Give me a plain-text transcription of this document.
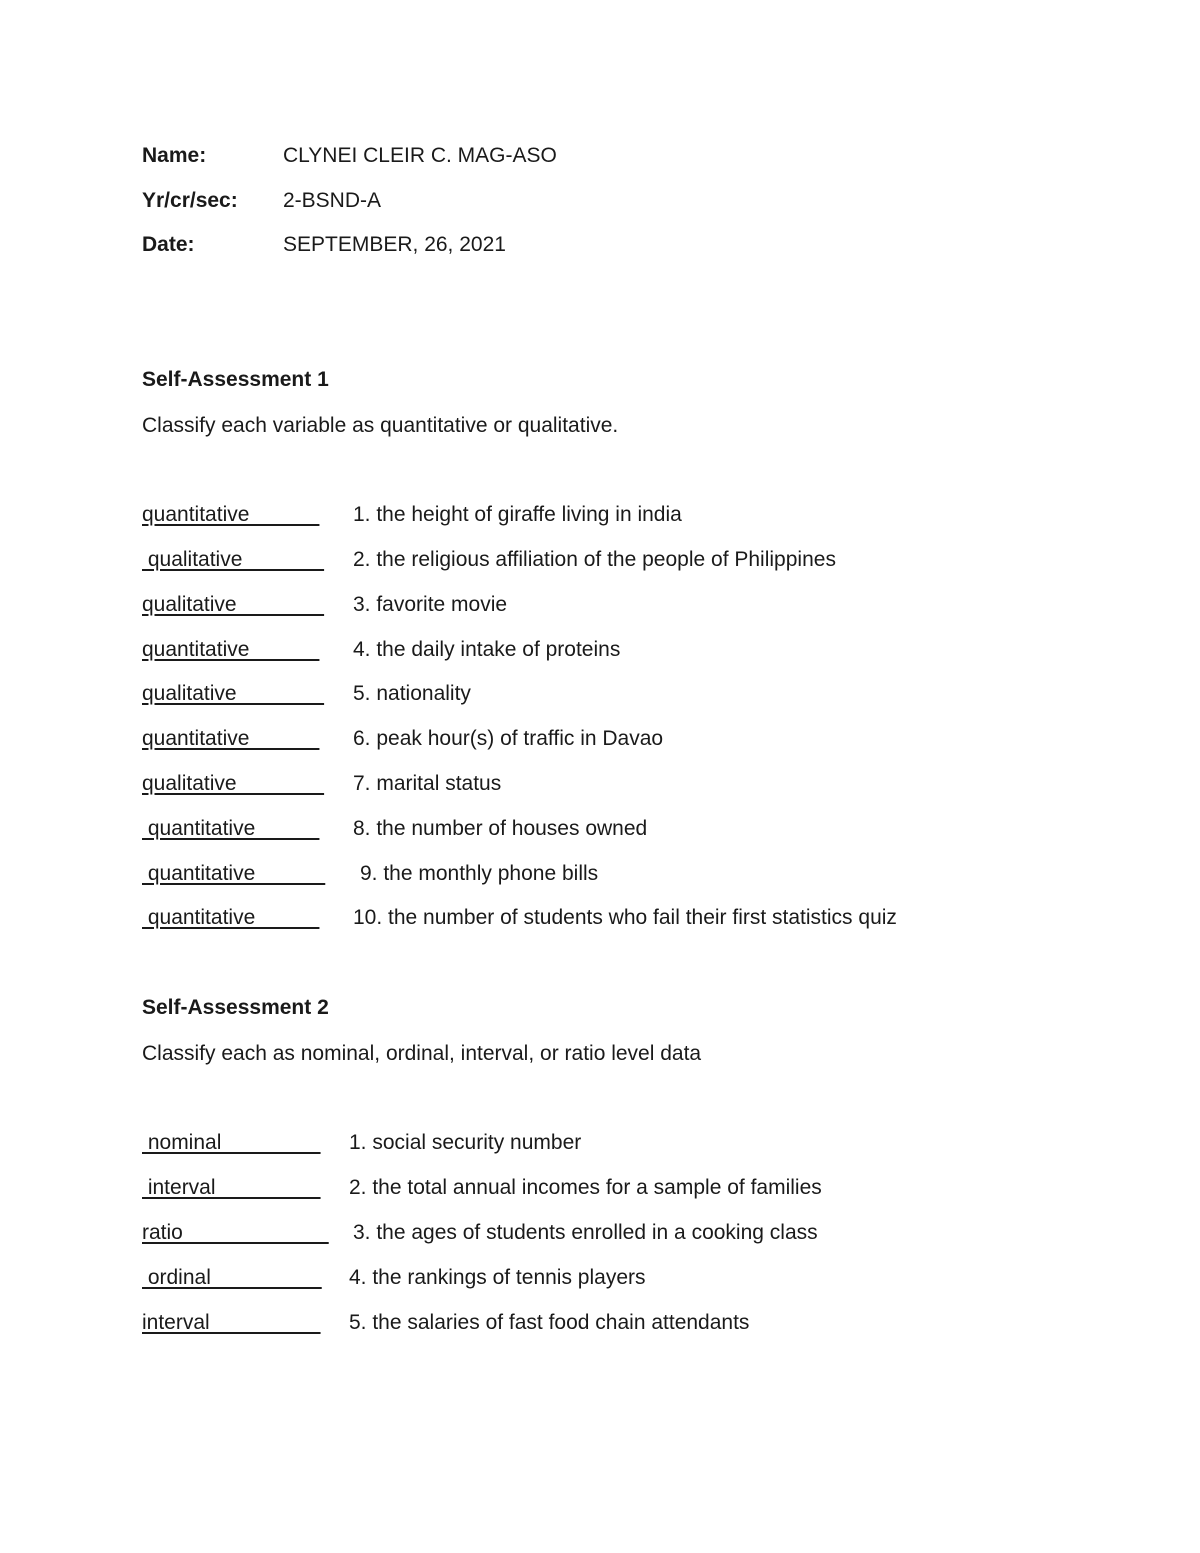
Name:	CLYNEI CLEIR C. MAG-ASO
Yr/cr/sec: 2-BSND-A
Date:	SEPTEMBER, 26, 2021
Self-Assessment 1
Classify each variable as quantitative or qualitative.
quantitative            1. the height of giraffe living in india
qualitative              2. the religious affiliation of the people of Philippines
qualitative               3. favorite movie
quantitative            4. the daily intake of proteins
qualitative               5. nationality
quantitative            6. peak hour(s) of traffic in Davao
qualitative               7. marital status
quantitative           8. the number of houses owned
quantitative            9. the monthly phone bills
quantitative           10. the number of students who fail their first statistics quiz
Self-Assessment 2
Classify each as nominal, ordinal, interval, or ratio level data
nominal                 1. social security number
interval                  2. the total annual incomes for a sample of families
ratio                         3. the ages of students enrolled in a cooking class
ordinal                   4. the rankings of tennis players
interval                   5. the salaries of fast food chain attendants
